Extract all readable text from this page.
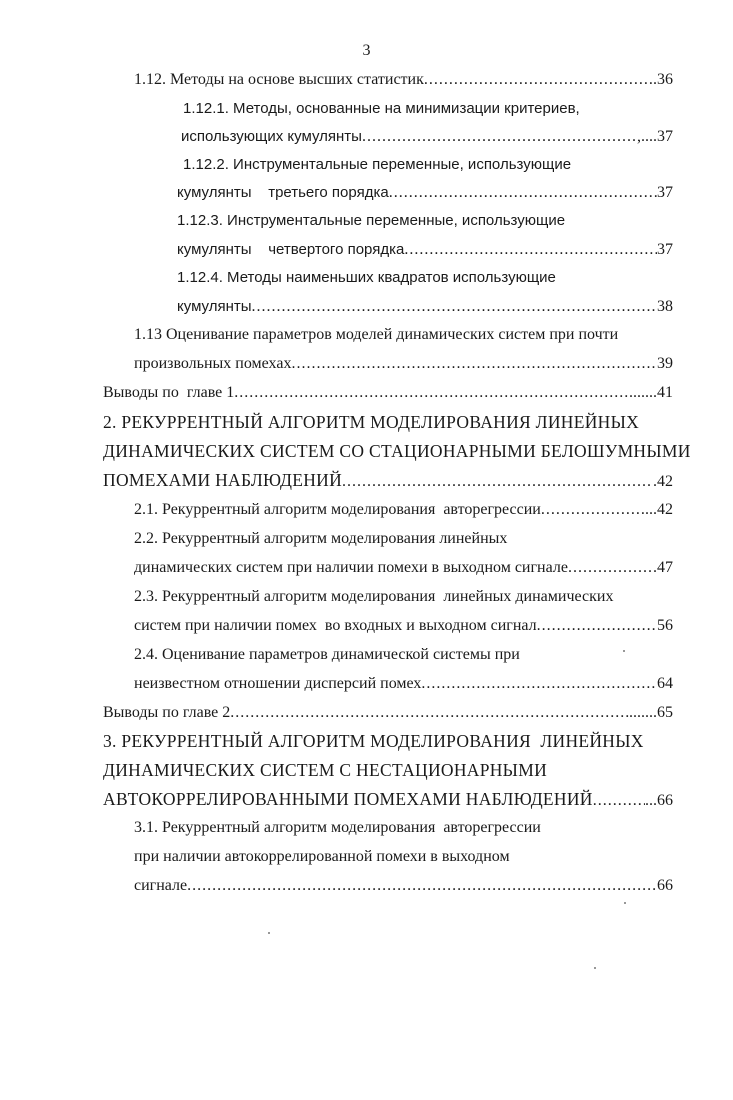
3
1.12. Методы на основе высших статистик .....	.36
1.12.1. Методы, основанные на минимизации критериев,
использующих кумулянты .....	,....37
1.12.2. Инструментальные переменные, использующие
кумулянты    третьего порядка .....	37
1.12.3. Инструментальные переменные, использующие
кумулянты    четвертого порядка .....	37
1.12.4. Методы наименьших квадратов использующие
кумулянты .....	38
1.13 Оценивание параметров моделей динамических систем при почти
произвольных помехах .....	39
Выводы по  главе 1 .....	.......41
2. РЕКУРРЕНТНЫЙ АЛГОРИТМ МОДЕЛИРОВАНИЯ ЛИНЕЙНЫХ
ДИНАМИЧЕСКИХ СИСТЕМ СО СТАЦИОНАРНЫМИ БЕЛОШУМНЫМИ
ПОМЕХАМИ НАБЛЮДЕНИЙ .....	.42
2.1. Рекуррентный алгоритм моделирования  авторегрессии .....	...42
2.2. Рекуррентный алгоритм моделирования линейных
динамических систем при наличии помехи в выходном сигнале .....	47
2.3. Рекуррентный алгоритм моделирования  линейных динамических
систем при наличии помех  во входных и выходном сигнал .....	56
2.4. Оценивание параметров динамической системы при
неизвестном отношении дисперсий помех .....	64
Выводы по главе 2 .....	.......65
3. РЕКУРРЕНТНЫЙ АЛГОРИТМ МОДЕЛИРОВАНИЯ  ЛИНЕЙНЫХ
ДИНАМИЧЕСКИХ СИСТЕМ С НЕСТАЦИОНАРНЫМИ
АВТОКОРРЕЛИРОВАННЫМИ ПОМЕХАМИ НАБЛЮДЕНИЙ .....	...66
3.1. Рекуррентный алгоритм моделирования  авторегрессии
при наличии автокоррелированной помехи в выходном
сигнале .....	66
